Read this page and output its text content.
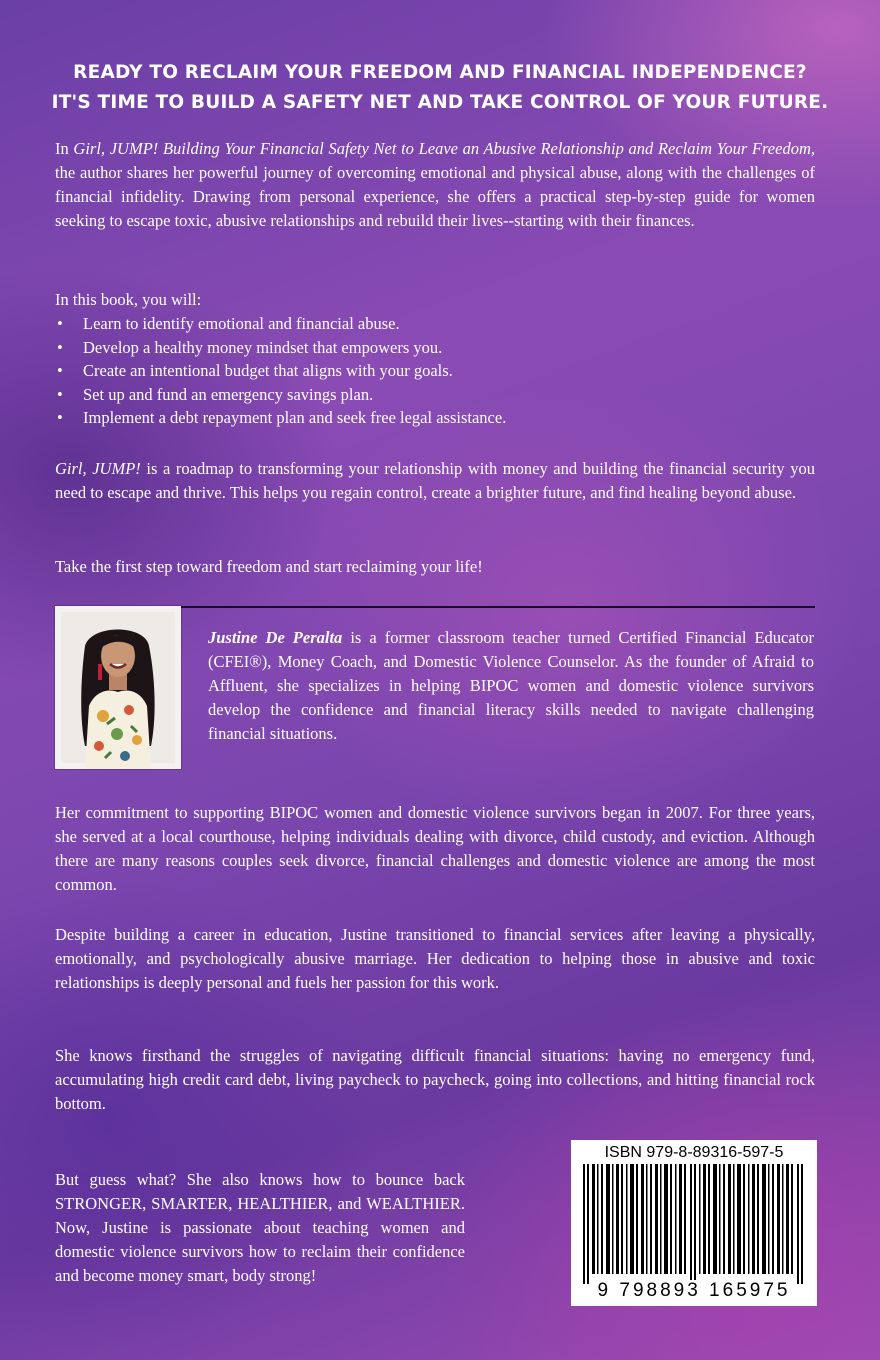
READY TO RECLAIM YOUR FREEDOM AND FINANCIAL INDEPENDENCE?
IT'S TIME TO BUILD A SAFETY NET AND TAKE CONTROL OF YOUR FUTURE.

In Girl, JUMP! Building Your Financial Safety Net to Leave an Abusive Relationship and Reclaim Your Freedom, the author shares her powerful journey of overcoming emotional and physical abuse, along with the challenges of financial infidelity. Drawing from personal experience, she offers a practical step-by-step guide for women seeking to escape toxic, abusive relationships and rebuild their lives--starting with their finances.

In this book, you will:

• Learn to identify emotional and financial abuse.
• Develop a healthy money mindset that empowers you.
• Create an intentional budget that aligns with your goals.
• Set up and fund an emergency savings plan.
• Implement a debt repayment plan and seek free legal assistance.

Girl, JUMP! is a roadmap to transforming your relationship with money and building the financial security you need to escape and thrive. This helps you regain control, create a brighter future, and find healing beyond abuse.

Take the first step toward freedom and start reclaiming your life!

Justine De Peralta is a former classroom teacher turned Certified Financial Educator (CFEI®), Money Coach, and Domestic Violence Counselor. As the founder of Afraid to Affluent, she specializes in helping BIPOC women and domestic violence survivors develop the confidence and financial literacy skills needed to navigate challenging financial situations.

Her commitment to supporting BIPOC women and domestic violence survivors began in 2007. For three years, she served at a local courthouse, helping individuals dealing with divorce, child custody, and eviction. Although there are many reasons couples seek divorce, financial challenges and domestic violence are among the most common.

Despite building a career in education, Justine transitioned to financial services after leaving a physically, emotionally, and psychologically abusive marriage. Her dedication to helping those in abusive and toxic relationships is deeply personal and fuels her passion for this work.

She knows firsthand the struggles of navigating difficult financial situations: having no emergency fund, accumulating high credit card debt, living paycheck to paycheck, going into collections, and hitting financial rock bottom.

But guess what? She also knows how to bounce back STRONGER, SMARTER, HEALTHIER, and WEALTHIER. Now, Justine is passionate about teaching women and domestic violence survivors how to reclaim their confidence and become money smart, body strong!

ISBN 979-8-89316-597-5
9 798893 165975
